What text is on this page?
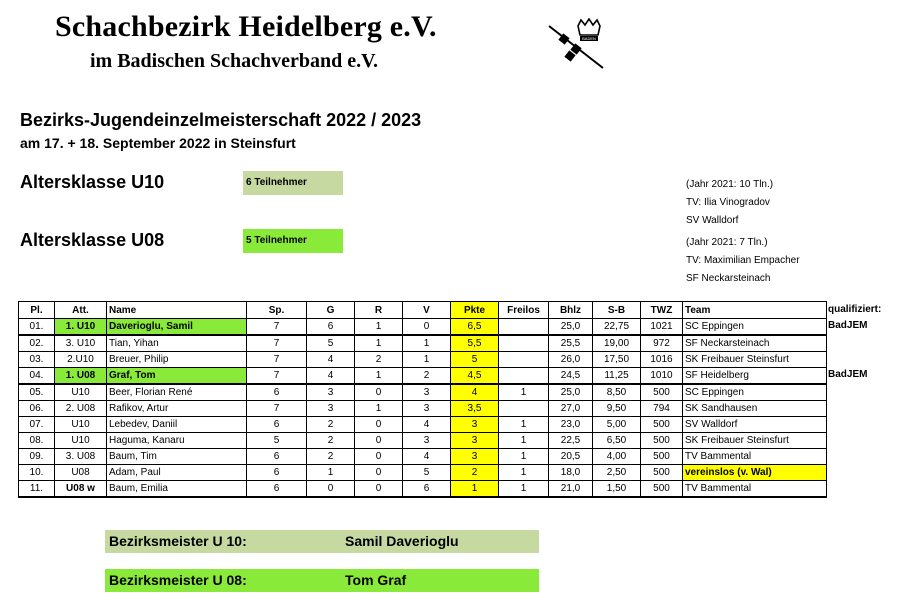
Schachbezirk Heidelberg e.V.
im Badischen Schachverband e.V.
BADEN
Bezirks-Jugendeinzelmeisterschaft 2022 / 2023
am 17. + 18. September 2022 in Steinsfurt
Altersklasse U10	6 Teilnehmer	(Jahr 2021: 10 Tln.)
TV: Ilia Vinogradov
SV Walldorf
Altersklasse U08	5 Teilnehmer	(Jahr 2021: 7 Tln.)
TV: Maximilian Empacher
SF Neckarsteinach
Pl.	Att.	Name	Sp.	G	R	V	Pkte	Freilos	Bhlz	S-B	TWZ	Team
01.	1. U10	Daverioglu, Samil	7	6	1	0	6,5		25,0	22,75	1021	SC Eppingen
02.	3. U10	Tian, Yihan	7	5	1	1	5,5		25,5	19,00	972	SF Neckarsteinach
03.	2.U10	Breuer, Philip	7	4	2	1	5		26,0	17,50	1016	SK Freibauer Steinsfurt
04.	1. U08	Graf, Tom	7	4	1	2	4,5		24,5	11,25	1010	SF Heidelberg
05.	U10	Beer, Florian René	6	3	0	3	4	1	25,0	8,50	500	SC Eppingen
06.	2. U08	Rafikov, Artur	7	3	1	3	3,5		27,0	9,50	794	SK Sandhausen
07.	U10	Lebedev, Daniil	6	2	0	4	3	1	23,0	5,00	500	SV Walldorf
08.	U10	Haguma, Kanaru	5	2	0	3	3	1	22,5	6,50	500	SK Freibauer Steinsfurt
09.	3. U08	Baum, Tim	6	2	0	4	3	1	20,5	4,00	500	TV Bammental
10.	U08	Adam, Paul	6	1	0	5	2	1	18,0	2,50	500	vereinslos (v. Wal)
11.	U08 w	Baum, Emilia	6	0	0	6	1	1	21,0	1,50	500	TV Bammental
qualifiziert:
BadJEM
BadJEM
Bezirksmeister U 10:	Samil Daverioglu
Bezirksmeister U 08:	Tom Graf
